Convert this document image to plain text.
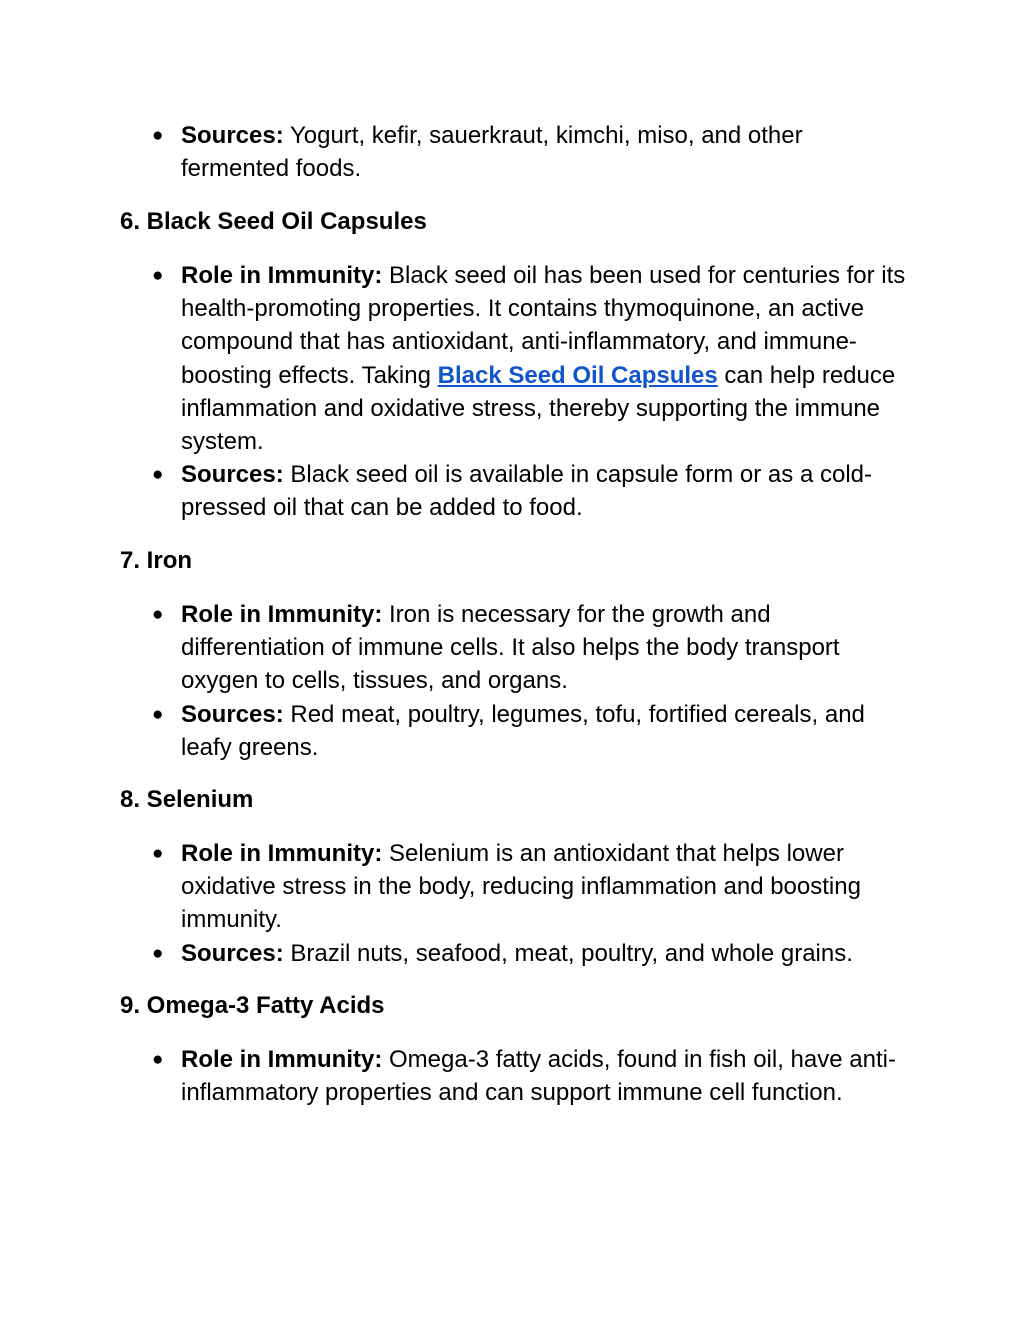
● Sources: Yogurt, kefir, sauerkraut, kimchi, miso, and other fermented foods.
6. Black Seed Oil Capsules
● Role in Immunity: Black seed oil has been used for centuries for its health-promoting properties. It contains thymoquinone, an active compound that has antioxidant, anti-inflammatory, and immune-boosting effects. Taking Black Seed Oil Capsules can help reduce inflammation and oxidative stress, thereby supporting the immune system.
● Sources: Black seed oil is available in capsule form or as a cold-pressed oil that can be added to food.
7. Iron
● Role in Immunity: Iron is necessary for the growth and differentiation of immune cells. It also helps the body transport oxygen to cells, tissues, and organs.
● Sources: Red meat, poultry, legumes, tofu, fortified cereals, and leafy greens.
8. Selenium
● Role in Immunity: Selenium is an antioxidant that helps lower oxidative stress in the body, reducing inflammation and boosting immunity.
● Sources: Brazil nuts, seafood, meat, poultry, and whole grains.
9. Omega-3 Fatty Acids
● Role in Immunity: Omega-3 fatty acids, found in fish oil, have anti-inflammatory properties and can support immune cell function.
